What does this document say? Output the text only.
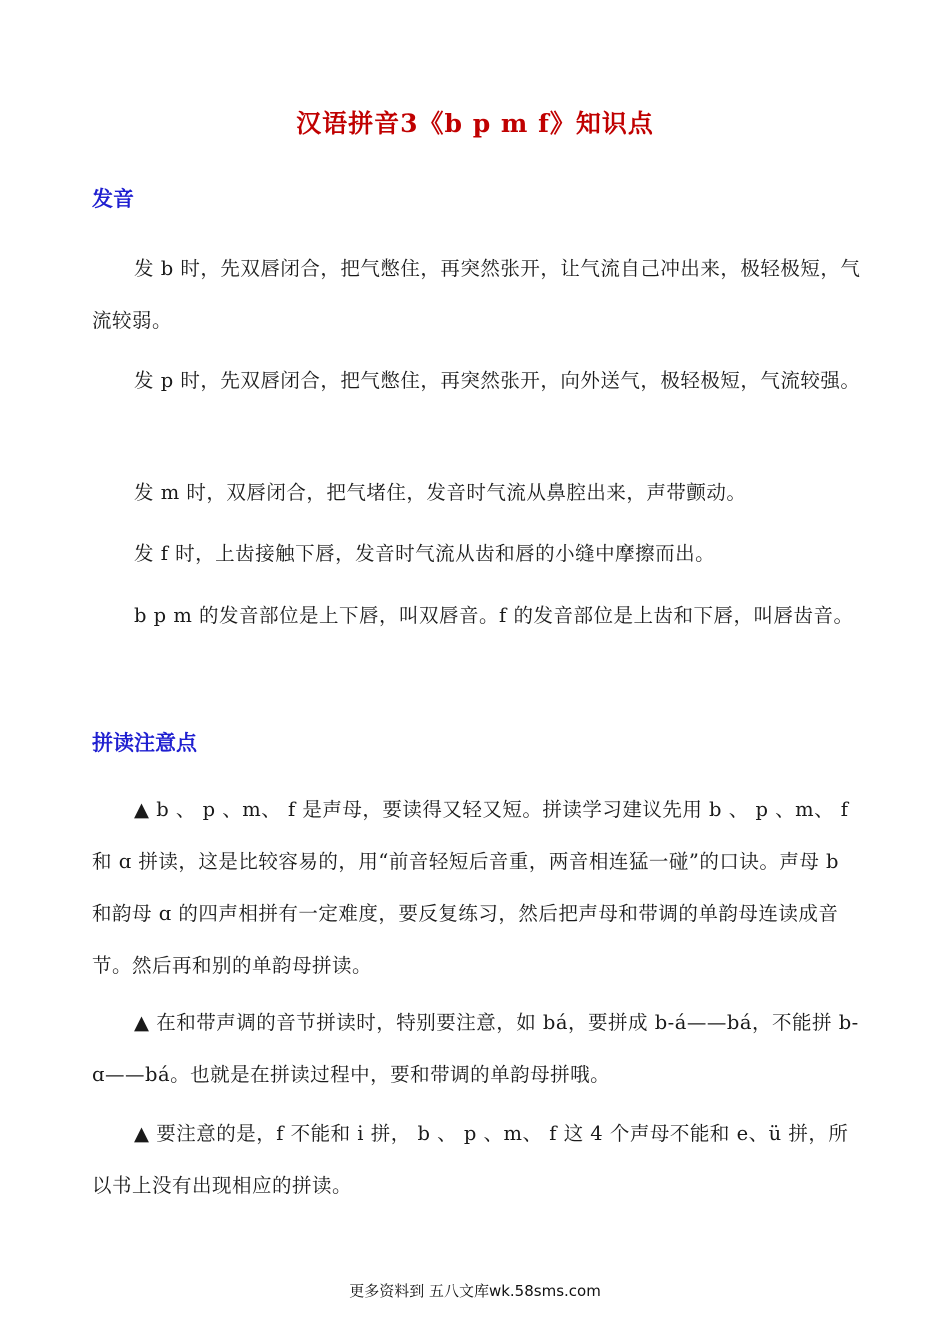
汉语拼音3《b p m f》知识点
发音
发 b 时，先双唇闭合，把气憋住，再突然张开，让气流自己冲出来，极轻极短，气流较弱。
发 p 时，先双唇闭合，把气憋住，再突然张开，向外送气，极轻极短，气流较强。
发 m 时，双唇闭合，把气堵住，发音时气流从鼻腔出来，声带颤动。
发 f 时，上齿接触下唇，发音时气流从齿和唇的小缝中摩擦而出。
b p m 的发音部位是上下唇，叫双唇音。f 的发音部位是上齿和下唇，叫唇齿音。
拼读注意点
▲ b 、 p 、m、 f 是声母，要读得又轻又短。拼读学习建议先用 b 、 p 、m、 f 和 ɑ 拼读，这是比较容易的，用“前音轻短后音重，两音相连猛一碰”的口诀。声母 b 和韵母 ɑ 的四声相拼有一定难度，要反复练习，然后把声母和带调的单韵母连读成音节。然后再和别的单韵母拼读。
▲ 在和带声调的音节拼读时，特别要注意，如 bá，要拼成 b-á——bá，不能拼 b-ɑ——bá。也就是在拼读过程中，要和带调的单韵母拼哦。
▲ 要注意的是，f 不能和 i 拼， b 、 p 、m、 f 这 4 个声母不能和 e、ü 拼，所以书上没有出现相应的拼读。
更多资料到 五八文库wk.58sms.com
